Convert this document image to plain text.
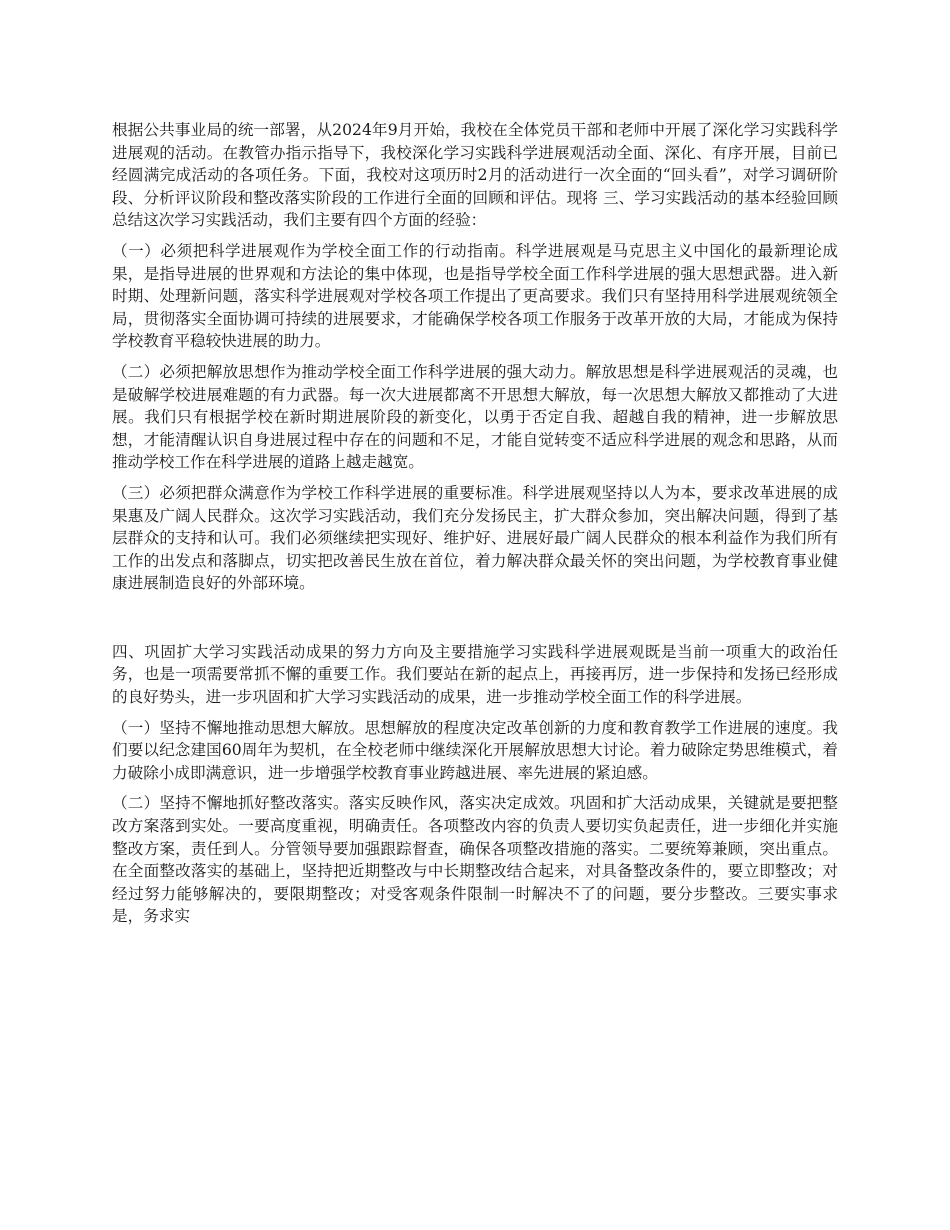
根据公共事业局的统一部署，从2024年9月开始，我校在全体党员干部和老师中开展了深化学习实践科学进展观的活动。在教管办指示指导下，我校深化学习实践科学进展观活动全面、深化、有序开展，目前已经圆满完成活动的各项任务。下面，我校对这项历时2月的活动进行一次全面的“回头看”，对学习调研阶段、分析评议阶段和整改落实阶段的工作进行全面的回顾和评估。现将 三、学习实践活动的基本经验回顾总结这次学习实践活动，我们主要有四个方面的经验：

（一）必须把科学进展观作为学校全面工作的行动指南。科学进展观是马克思主义中国化的最新理论成果，是指导进展的世界观和方法论的集中体现，也是指导学校全面工作科学进展的强大思想武器。进入新时期、处理新问题，落实科学进展观对学校各项工作提出了更高要求。我们只有坚持用科学进展观统领全局，贯彻落实全面协调可持续的进展要求，才能确保学校各项工作服务于改革开放的大局，才能成为保持学校教育平稳较快进展的助力。

（二）必须把解放思想作为推动学校全面工作科学进展的强大动力。解放思想是科学进展观活的灵魂，也是破解学校进展难题的有力武器。每一次大进展都离不开思想大解放，每一次思想大解放又都推动了大进展。我们只有根据学校在新时期进展阶段的新变化，以勇于否定自我、超越自我的精神，进一步解放思想，才能清醒认识自身进展过程中存在的问题和不足，才能自觉转变不适应科学进展的观念和思路，从而推动学校工作在科学进展的道路上越走越宽。

（三）必须把群众满意作为学校工作科学进展的重要标准。科学进展观坚持以人为本，要求改革进展的成果惠及广阔人民群众。这次学习实践活动，我们充分发扬民主，扩大群众参加，突出解决问题，得到了基层群众的支持和认可。我们必须继续把实现好、维护好、进展好最广阔人民群众的根本利益作为我们所有工作的出发点和落脚点，切实把改善民生放在首位，着力解决群众最关怀的突出问题，为学校教育事业健康进展制造良好的外部环境。

四、巩固扩大学习实践活动成果的努力方向及主要措施学习实践科学进展观既是当前一项重大的政治任务，也是一项需要常抓不懈的重要工作。我们要站在新的起点上，再接再厉，进一步保持和发扬已经形成的良好势头，进一步巩固和扩大学习实践活动的成果，进一步推动学校全面工作的科学进展。

（一）坚持不懈地推动思想大解放。思想解放的程度决定改革创新的力度和教育教学工作进展的速度。我们要以纪念建国60周年为契机，在全校老师中继续深化开展解放思想大讨论。着力破除定势思维模式，着力破除小成即满意识，进一步增强学校教育事业跨越进展、率先进展的紧迫感。

（二）坚持不懈地抓好整改落实。落实反映作风，落实决定成效。巩固和扩大活动成果，关键就是要把整改方案落到实处。一要高度重视，明确责任。各项整改内容的负责人要切实负起责任，进一步细化并实施整改方案，责任到人。分管领导要加强跟踪督查，确保各项整改措施的落实。二要统筹兼顾，突出重点。在全面整改落实的基础上，坚持把近期整改与中长期整改结合起来，对具备整改条件的，要立即整改；对经过努力能够解决的，要限期整改；对受客观条件限制一时解决不了的问题，要分步整改。三要实事求是，务求实
